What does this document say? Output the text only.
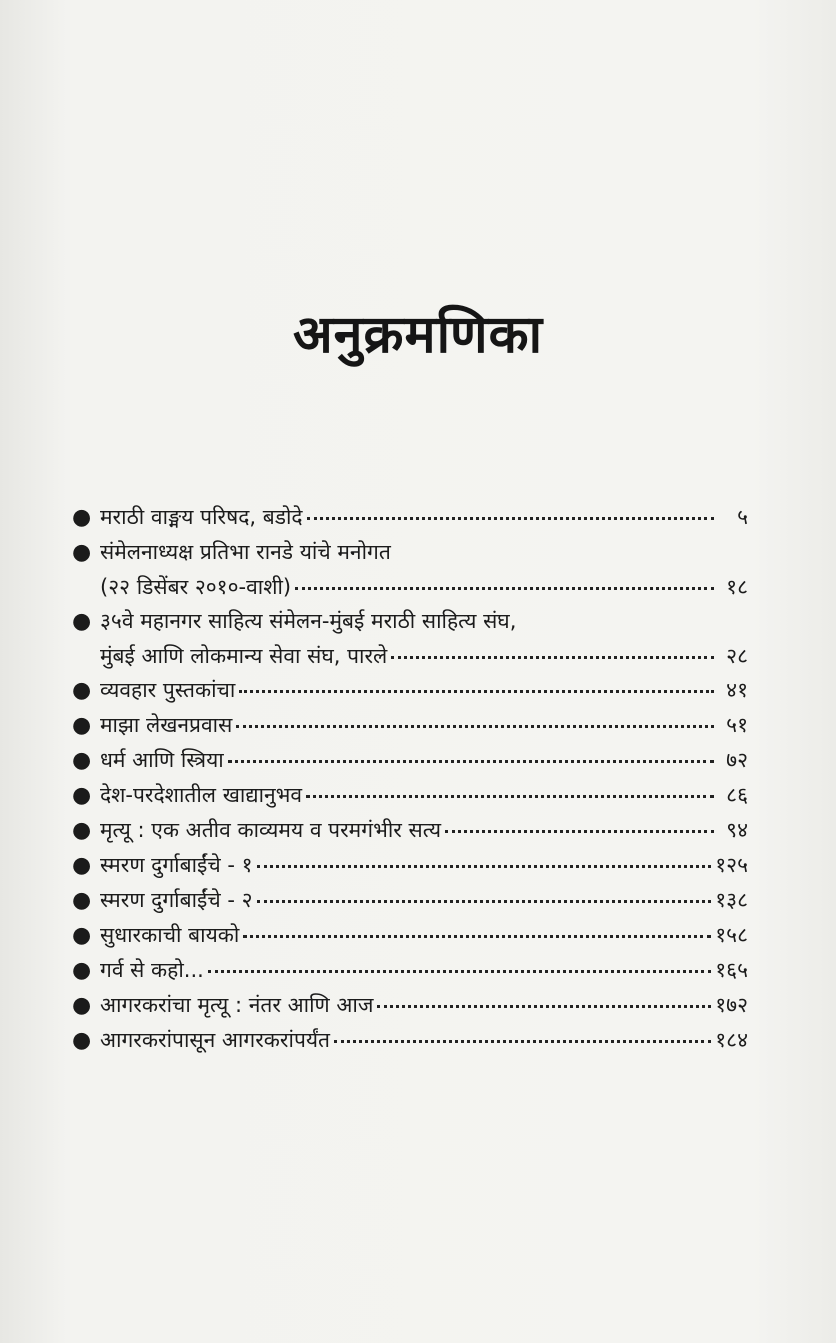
अनुक्रमणिका
● मराठी वाङ्मय परिषद, बडोदे	५
● संमेलनाध्यक्ष प्रतिभा रानडे यांचे मनोगत
(२२ डिसेंबर २०१०-वाशी)	१८
● ३५वे महानगर साहित्य संमेलन-मुंबई मराठी साहित्य संघ,
मुंबई आणि लोकमान्य सेवा संघ, पारले	२८
● व्यवहार पुस्तकांचा	४१
● माझा लेखनप्रवास	५१
● धर्म आणि स्त्रिया	७२
● देश-परदेशातील खाद्यानुभव	८६
● मृत्यू : एक अतीव काव्यमय व परमगंभीर सत्य	९४
● स्मरण दुर्गाबाईंचे - १	१२५
● स्मरण दुर्गाबाईंचे - २	१३८
● सुधारकाची बायको	१५८
● गर्व से कहो...	१६५
● आगरकरांचा मृत्यू : नंतर आणि आज	१७२
● आगरकरांपासून आगरकरांपर्यंत	१८४
